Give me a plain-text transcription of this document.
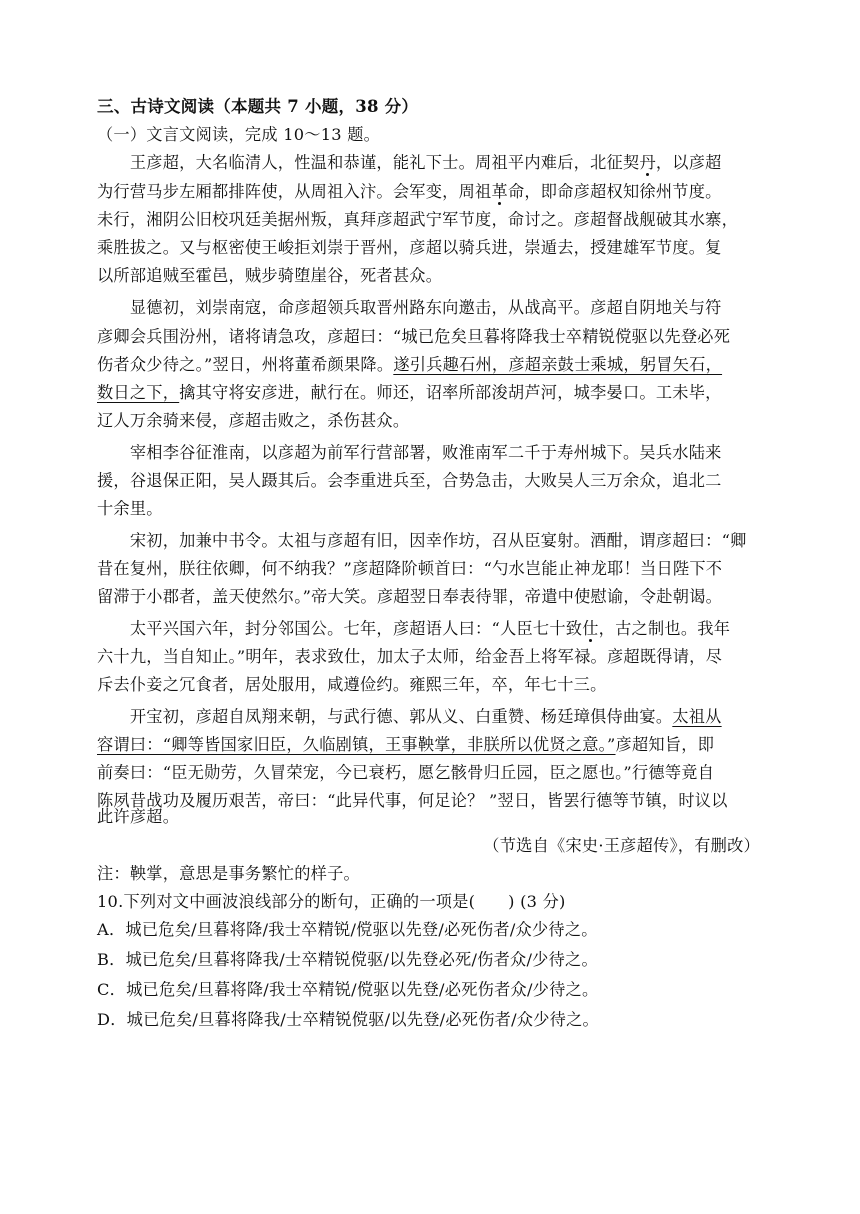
三、古诗文阅读（本题共 7 小题，38 分）
（一）文言文阅读，完成 10～13 题。
　　王彦超，大名临清人，性温和恭谨，能礼下士。周祖平内难后，北征契丹，以彦超
为行营马步左厢都排阵使，从周祖入汴。会军变，周祖革命，即命彦超权知徐州节度。
未行，湘阴公旧校巩廷美据州叛，真拜彦超武宁军节度，命讨之。彦超督战舰破其水寨，
乘胜拔之。又与枢密使王峻拒刘崇于晋州，彦超以骑兵进，崇遁去，授建雄军节度。复
以所部追贼至霍邑，贼步骑堕崖谷，死者甚众。
　　显德初，刘崇南寇，命彦超领兵取晋州路东向邀击，从战高平。彦超自阴地关与符
彦卿会兵围汾州，诸将请急攻，彦超曰：“城已危矣旦暮将降我士卒精锐傥驱以先登必死
伤者众少待之。”翌日，州将董希颜果降。遂引兵趣石州，彦超亲鼓士乘城，躬冒矢石，
数日之下，擒其守将安彦进，献行在。师还，诏率所部浚胡芦河，城李晏口。工未毕，
辽人万余骑来侵，彦超击败之，杀伤甚众。
　　宰相李谷征淮南，以彦超为前军行营部署，败淮南军二千于寿州城下。吴兵水陆来
援，谷退保正阳，吴人蹑其后。会李重进兵至，合势急击，大败吴人三万余众，追北二
十余里。
　　宋初，加兼中书令。太祖与彦超有旧，因幸作坊，召从臣宴射。酒酣，谓彦超曰：“卿
昔在复州，朕往依卿，何不纳我？”彦超降阶顿首曰：“勺水岂能止神龙耶！当日陛下不
留滞于小郡者，盖天使然尔。”帝大笑。彦超翌日奉表待罪，帝遣中使慰谕，令赴朝谒。
　　太平兴国六年，封分邻国公。七年，彦超语人曰：“人臣七十致仕，古之制也。我年
六十九，当自知止。”明年，表求致仕，加太子太师，给金吾上将军禄。彦超既得请，尽
斥去仆妾之冗食者，居处服用，咸遵俭约。雍熙三年，卒，年七十三。
　　开宝初，彦超自凤翔来朝，与武行德、郭从义、白重赞、杨廷璋俱侍曲宴。太祖从
容谓曰：“卿等皆国家旧臣，久临剧镇，王事鞅掌，非朕所以优贤之意。”彦超知旨，即
前奏曰：“臣无勋劳，久冒荣宠，今已衰朽，愿乞骸骨归丘园，臣之愿也。”行德等竟自
陈夙昔战功及履历艰苦，帝曰：“此异代事，何足论？ ”翌日，皆罢行德等节镇，时议以
此许彦超。
（节选自《宋史·王彦超传》，有删改）
注：鞅掌，意思是事务繁忙的样子。
10.下列对文中画波浪线部分的断句，正确的一项是(　　) (3 分)
A．城已危矣/旦暮将降/我士卒精锐/傥驱以先登/必死伤者/众少待之。
B．城已危矣/旦暮将降我/士卒精锐傥驱/以先登必死/伤者众/少待之。
C．城已危矣/旦暮将降/我士卒精锐/傥驱以先登/必死伤者众/少待之。
D．城已危矣/旦暮将降我/士卒精锐傥驱/以先登/必死伤者/众少待之。
